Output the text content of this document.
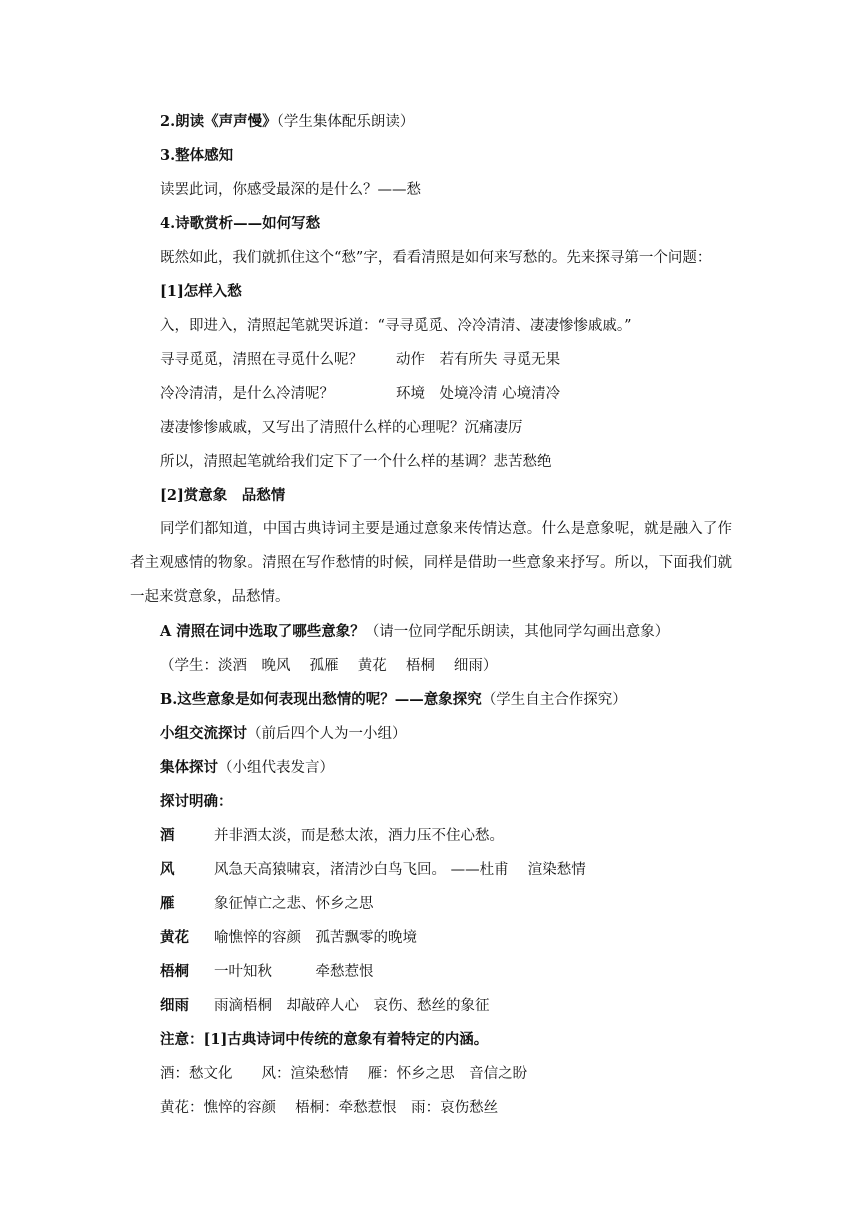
2.朗读《声声慢》（学生集体配乐朗读）
3.整体感知
读罢此词，你感受最深的是什么？——愁
4.诗歌赏析——如何写愁
既然如此，我们就抓住这个“愁”字，看看清照是如何来写愁的。先来探寻第一个问题：
[1]怎样入愁
入，即进入，清照起笔就哭诉道：“寻寻觅觅、冷冷清清、凄凄惨惨戚戚。”
寻寻觅觅，清照在寻觅什么呢？ 动作　若有所失 寻觅无果
冷冷清清，是什么冷清呢？	环境　处境冷清 心境清冷
凄凄惨惨戚戚，又写出了清照什么样的心理呢？沉痛凄厉
所以，清照起笔就给我们定下了一个什么样的基调？悲苦愁绝
[2]赏意象　品愁情
同学们都知道，中国古典诗词主要是通过意象来传情达意。什么是意象呢，就是融入了作者主观感情的物象。清照在写作愁情的时候，同样是借助一些意象来抒写。所以，下面我们就一起来赏意象，品愁情。
A 清照在词中选取了哪些意象？（请一位同学配乐朗读，其他同学勾画出意象）
（学生：淡酒　晚风　 孤雁　 黄花　 梧桐　 细雨）
B.这些意象是如何表现出愁情的呢？——意象探究（学生自主合作探究）
小组交流探讨（前后四个人为一小组）
集体探讨（小组代表发言）
探讨明确：
酒	并非酒太淡，而是愁太浓，酒力压不住心愁。
风	风急天高猿啸哀，渚清沙白鸟飞回。 ——杜甫　 渲染愁情
雁	象征悼亡之悲、怀乡之思
黄花 喻憔悴的容颜　孤苦飘零的晚境
梧桐 一叶知秋　　　牵愁惹恨
细雨 雨滴梧桐　却敲碎人心　哀伤、愁丝的象征
注意：[1]古典诗词中传统的意象有着特定的内涵。
酒：愁文化　　风：渲染愁情　 雁：怀乡之思　音信之盼
黄花：憔悴的容颜　 梧桐：牵愁惹恨　雨：哀伤愁丝
